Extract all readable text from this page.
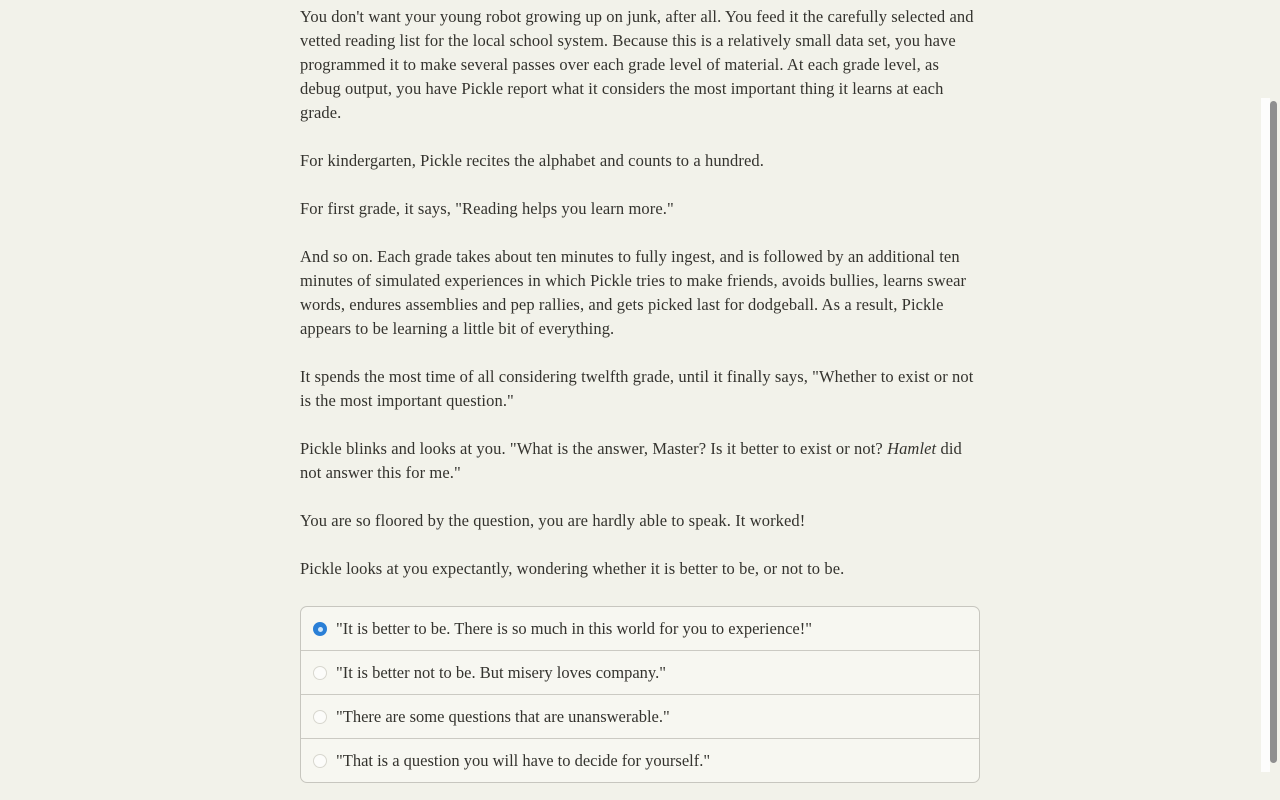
You don't want your young robot growing up on junk, after all. You feed it the carefully selected and vetted reading list for the local school system. Because this is a relatively small data set, you have programmed it to make several passes over each grade level of material. At each grade level, as debug output, you have Pickle report what it considers the most important thing it learns at each grade.

For kindergarten, Pickle recites the alphabet and counts to a hundred.

For first grade, it says, "Reading helps you learn more."

And so on. Each grade takes about ten minutes to fully ingest, and is followed by an additional ten minutes of simulated experiences in which Pickle tries to make friends, avoids bullies, learns swear words, endures assemblies and pep rallies, and gets picked last for dodgeball. As a result, Pickle appears to be learning a little bit of everything.

It spends the most time of all considering twelfth grade, until it finally says, "Whether to exist or not is the most important question."

Pickle blinks and looks at you. "What is the answer, Master? Is it better to exist or not? Hamlet did not answer this for me."

You are so floored by the question, you are hardly able to speak. It worked!

Pickle looks at you expectantly, wondering whether it is better to be, or not to be.

"It is better to be. There is so much in this world for you to experience!"
"It is better not to be. But misery loves company."
"There are some questions that are unanswerable."
"That is a question you will have to decide for yourself."
